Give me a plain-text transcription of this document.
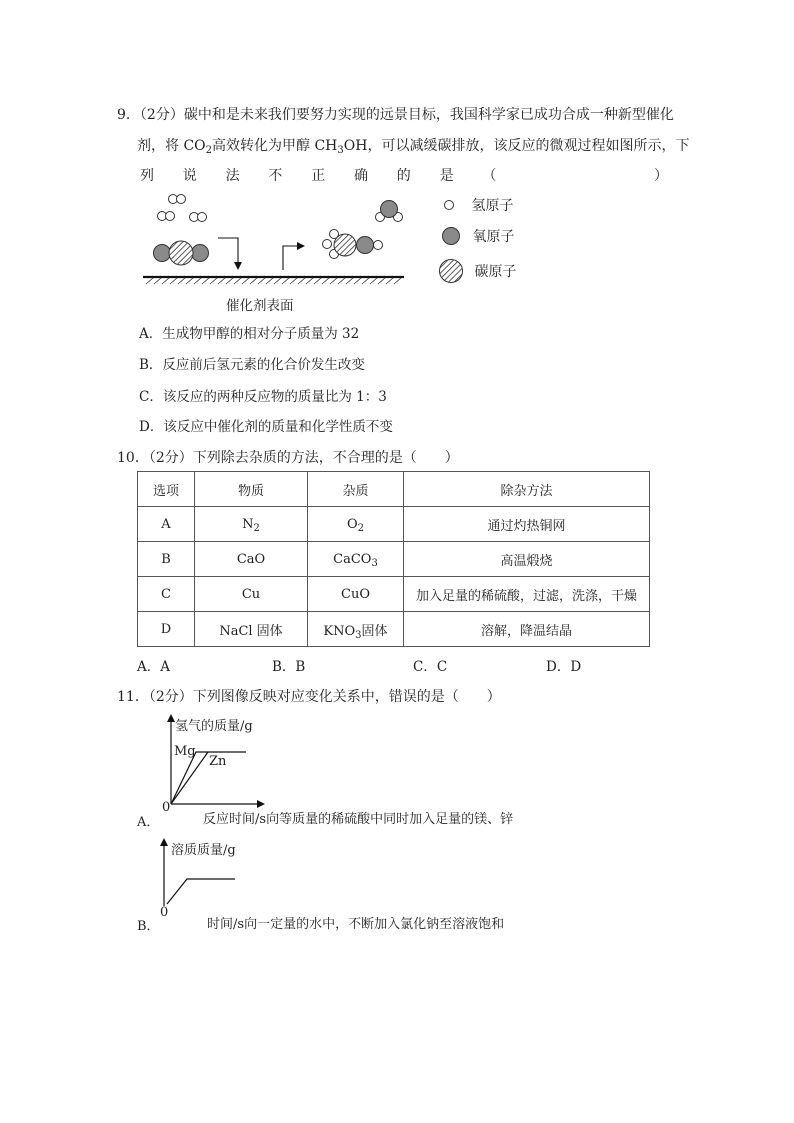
9．（2分）碳中和是未来我们要努力实现的远景目标，我国科学家已成功合成一种新型催化
剂，将 $CO_2$高效转化为甲醇 $CH_3OH$，可以减缓碳排放，该反应的微观过程如图所示，下
列 说 法 不 正 确 的 是 （	）
催化剂表面
氢原子
氧原子
碳原子
A．生成物甲醇的相对分子质量为 32
B．反应前后氢元素的化合价发生改变
C．该反应的两种反应物的质量比为 1：3
D．该反应中催化剂的质量和化学性质不变
10．（2分）下列除去杂质的方法，不合理的是（　　）
选项	物质	杂质	除杂方法
A	$N_2$	$O_2$	通过灼热铜网
B	CaO	CaCO$_3$	高温煅烧
C	Cu	CuO	加入足量的稀硫酸，过滤，洗涤，干燥
D	NaCl 固体	$KNO_3$固体	溶解，降温结晶
A．A	B．B	C．C	D．D
11．（2分）下列图像反映对应变化关系中，错误的是（　　）
氢气的质量/g
Mg
Zn
0
A．	反应时间/s向等质量的稀硫酸中同时加入足量的镁、锌
溶质质量/g
0
B．	时间/s向一定量的水中，不断加入氯化钠至溶液饱和
